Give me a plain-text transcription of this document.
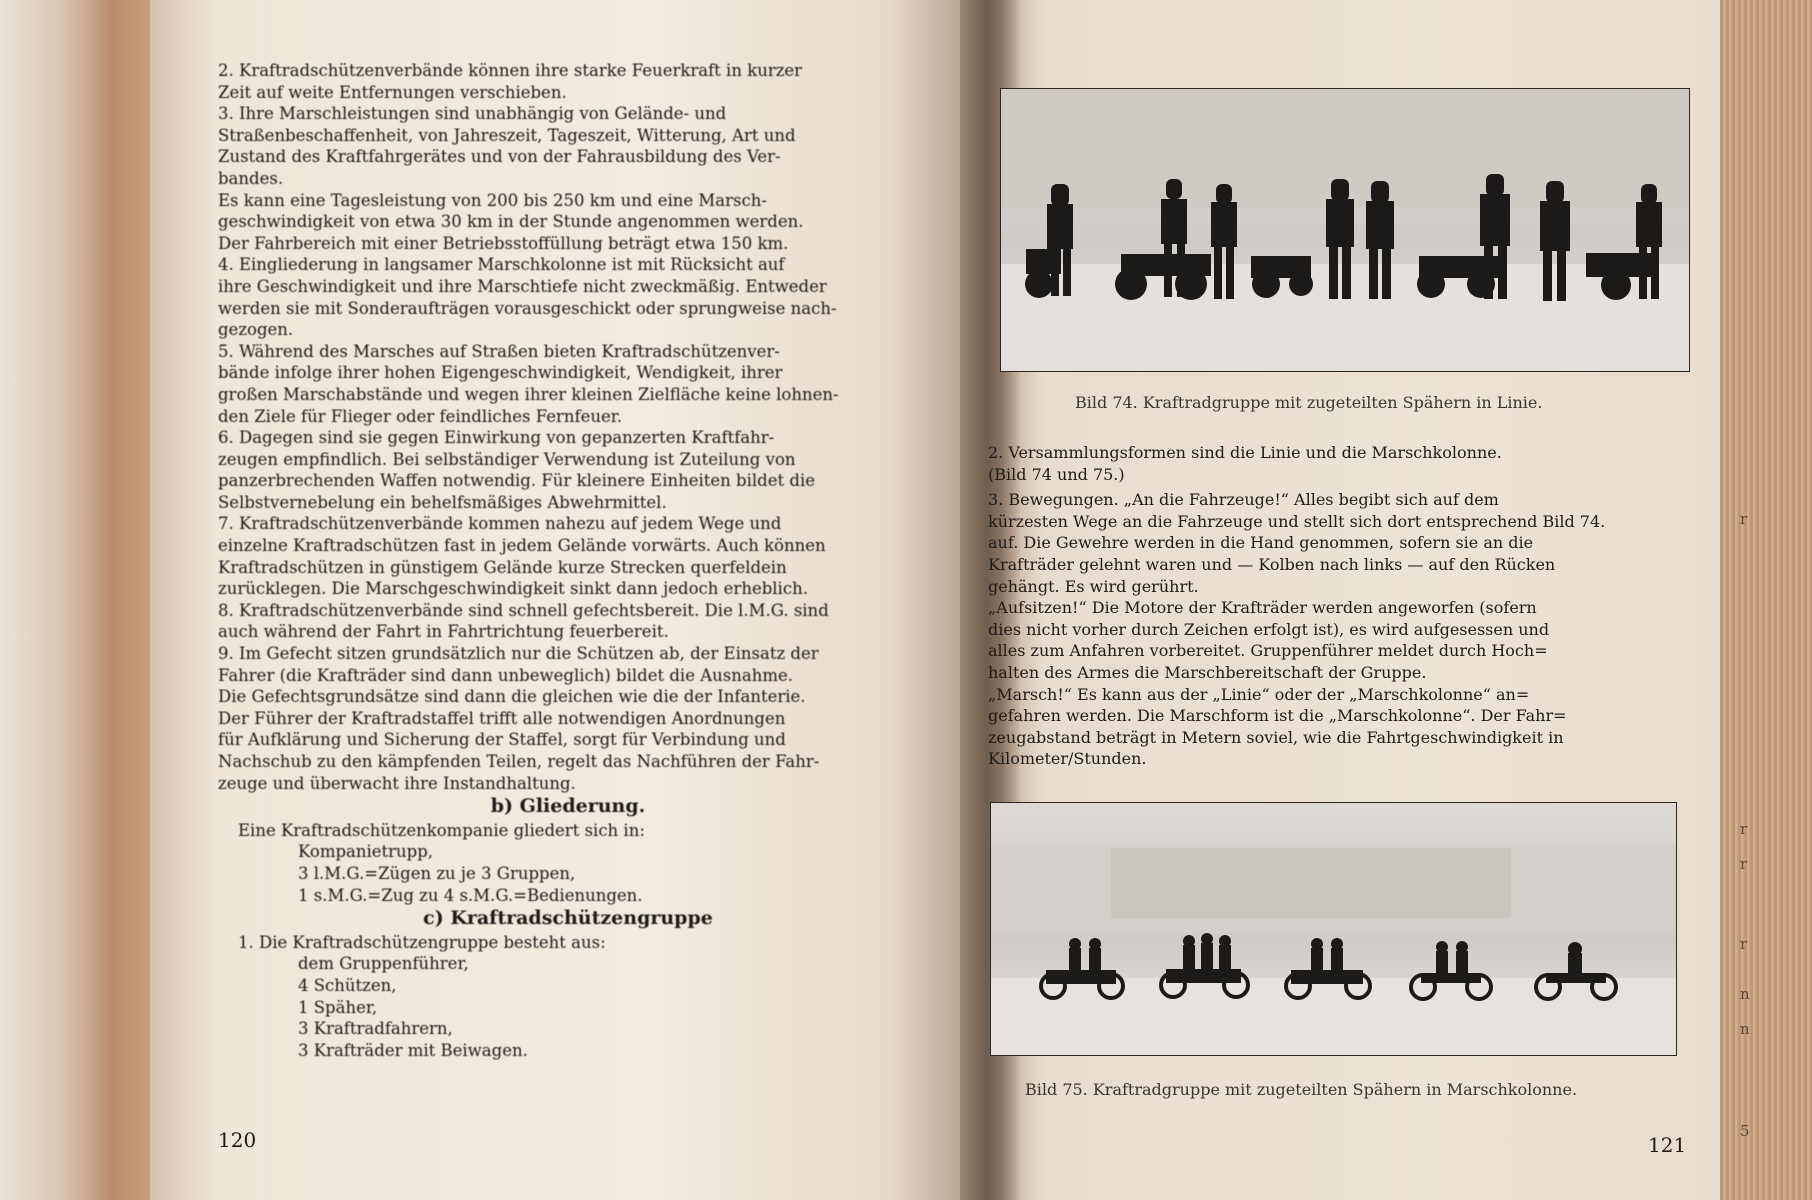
2. Kraftradschützenverbände können ihre starke Feuerkraft in kurzer

Zeit auf weite Entfernungen verschieben.

3. Ihre Marschleistungen sind unabhängig von Gelände- und

Straßenbeschaffenheit, von Jahreszeit, Tageszeit, Witterung, Art und

Zustand des Kraftfahrgerätes und von der Fahrausbildung des Ver-

bandes.

Es kann eine Tagesleistung von 200 bis 250 km und eine Marsch-

geschwindigkeit von etwa 30 km in der Stunde angenommen werden.

Der Fahrbereich mit einer Betriebsstoffüllung beträgt etwa 150 km.

4. Eingliederung in langsamer Marschkolonne ist mit Rücksicht auf

ihre Geschwindigkeit und ihre Marschtiefe nicht zweckmäßig. Entweder

werden sie mit Sonderaufträgen vorausgeschickt oder sprungweise nach-

gezogen.

5. Während des Marsches auf Straßen bieten Kraftradschützenver-

bände infolge ihrer hohen Eigengeschwindigkeit, Wendigkeit, ihrer

großen Marschabstände und wegen ihrer kleinen Zielfläche keine lohnen-

den Ziele für Flieger oder feindliches Fernfeuer.

6. Dagegen sind sie gegen Einwirkung von gepanzerten Kraftfahr-

zeugen empfindlich. Bei selbständiger Verwendung ist Zuteilung von

panzerbrechenden Waffen notwendig. Für kleinere Einheiten bildet die

Selbstvernebelung ein behelfsmäßiges Abwehrmittel.

7. Kraftradschützenverbände kommen nahezu auf jedem Wege und

einzelne Kraftradschützen fast in jedem Gelände vorwärts. Auch können

Kraftradschützen in günstigem Gelände kurze Strecken querfeldein

zurücklegen. Die Marschgeschwindigkeit sinkt dann jedoch erheblich.

8. Kraftradschützenverbände sind schnell gefechtsbereit. Die l.M.G. sind

auch während der Fahrt in Fahrtrichtung feuerbereit.

9. Im Gefecht sitzen grundsätzlich nur die Schützen ab, der Einsatz der

Fahrer (die Krafträder sind dann unbeweglich) bildet die Ausnahme.

Die Gefechtsgrundsätze sind dann die gleichen wie die der Infanterie.

Der Führer der Kraftradstaffel trifft alle notwendigen Anordnungen

für Aufklärung und Sicherung der Staffel, sorgt für Verbindung und

Nachschub zu den kämpfenden Teilen, regelt das Nachführen der Fahr-

zeuge und überwacht ihre Instandhaltung.

b) Gliederung.

Eine Kraftradschützenkompanie gliedert sich in:

Kompanietrupp,

3 l.M.G.=Zügen zu je 3 Gruppen,

1 s.M.G.=Zug zu 4 s.M.G.=Bedienungen.

c) Kraftradschützengruppe

1. Die Kraftradschützengruppe besteht aus:

dem Gruppenführer,

4 Schützen,

1 Späher,

3 Kraftradfahrern,

3 Krafträder mit Beiwagen.

120
Bild 74. Kraftradgruppe mit zugeteilten Spähern in Linie.

2. Versammlungsformen sind die Linie und die Marschkolonne.

(Bild 74 und 75.)

3. Bewegungen. „An die Fahrzeuge!“ Alles begibt sich auf dem

kürzesten Wege an die Fahrzeuge und stellt sich dort entsprechend Bild 74.

auf. Die Gewehre werden in die Hand genommen, sofern sie an die

Krafträder gelehnt waren und — Kolben nach links — auf den Rücken

gehängt. Es wird gerührt.

„Aufsitzen!“ Die Motore der Krafträder werden angeworfen (sofern

dies nicht vorher durch Zeichen erfolgt ist), es wird aufgesessen und

alles zum Anfahren vorbereitet. Gruppenführer meldet durch Hoch=

halten des Armes die Marschbereitschaft der Gruppe.

„Marsch!“ Es kann aus der „Linie“ oder der „Marschkolonne“ an=

gefahren werden. Die Marschform ist die „Marschkolonne“. Der Fahr=

zeugabstand beträgt in Metern soviel, wie die Fahrtgeschwindigkeit in

Kilometer/Stunden.

Bild 75. Kraftradgruppe mit zugeteilten Spähern in Marschkolonne.
121
r
r
r
r
n
n
5
